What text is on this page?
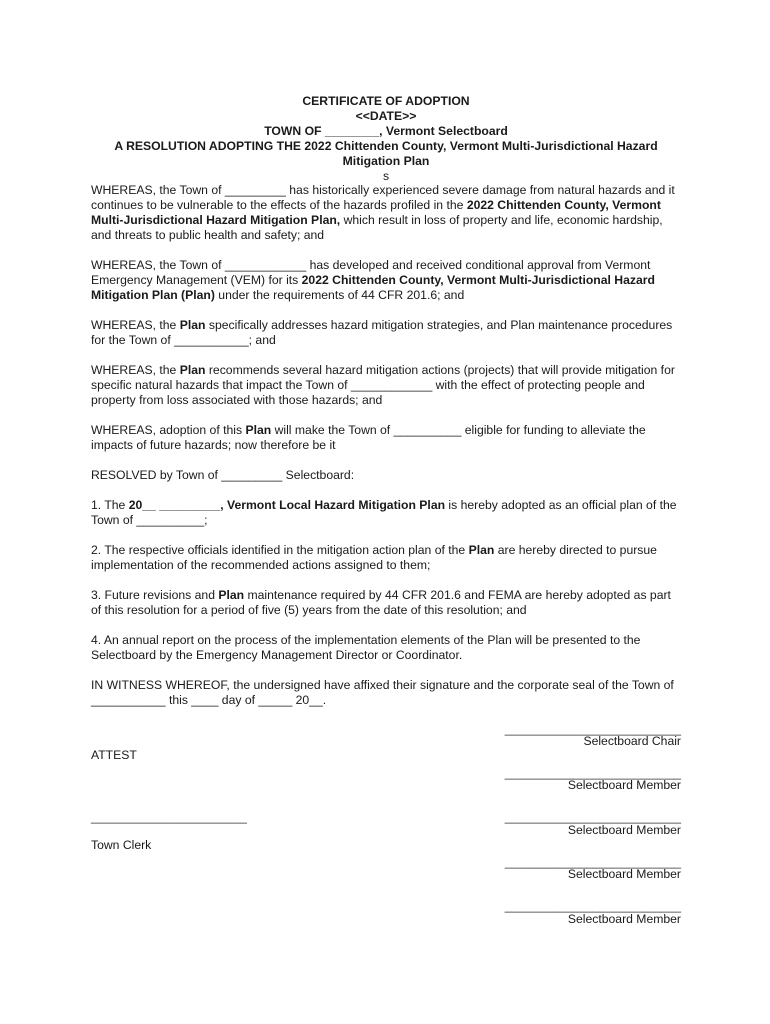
CERTIFICATE OF ADOPTION
<<DATE>>
TOWN OF ________, Vermont Selectboard
A RESOLUTION ADOPTING THE 2022 Chittenden County, Vermont Multi-Jurisdictional Hazard
Mitigation Plan
s

WHEREAS, the Town of _________ has historically experienced severe damage from natural hazards and it continues to be vulnerable to the effects of the hazards profiled in the 2022 Chittenden County, Vermont Multi-Jurisdictional Hazard Mitigation Plan, which result in loss of property and life, economic hardship, and threats to public health and safety; and

WHEREAS, the Town of ____________ has developed and received conditional approval from Vermont Emergency Management (VEM) for its 2022 Chittenden County, Vermont Multi-Jurisdictional Hazard Mitigation Plan (Plan) under the requirements of 44 CFR 201.6; and

WHEREAS, the Plan specifically addresses hazard mitigation strategies, and Plan maintenance procedures for the Town of ___________; and

WHEREAS, the Plan recommends several hazard mitigation actions (projects) that will provide mitigation for specific natural hazards that impact the Town of ____________ with the effect of protecting people and property from loss associated with those hazards; and

WHEREAS, adoption of this Plan will make the Town of __________ eligible for funding to alleviate the impacts of future hazards; now therefore be it

RESOLVED by Town of _________ Selectboard:

1. The 20__ _________, Vermont Local Hazard Mitigation Plan is hereby adopted as an official plan of the Town of __________;

2. The respective officials identified in the mitigation action plan of the Plan are hereby directed to pursue implementation of the recommended actions assigned to them;

3. Future revisions and Plan maintenance required by 44 CFR 201.6 and FEMA are hereby adopted as part of this resolution for a period of five (5) years from the date of this resolution; and

4. An annual report on the process of the implementation elements of the Plan will be presented to the Selectboard by the Emergency Management Director or Coordinator.

IN WITNESS WHEREOF, the undersigned have affixed their signature and the corporate seal of the Town of ___________ this ____ day of _____ 20__.

__________________________
Selectboard Chair
ATTEST
__________________________
Selectboard Member
_______________________	__________________________
Selectboard Member
Town Clerk
__________________________
Selectboard Member
__________________________
Selectboard Member
